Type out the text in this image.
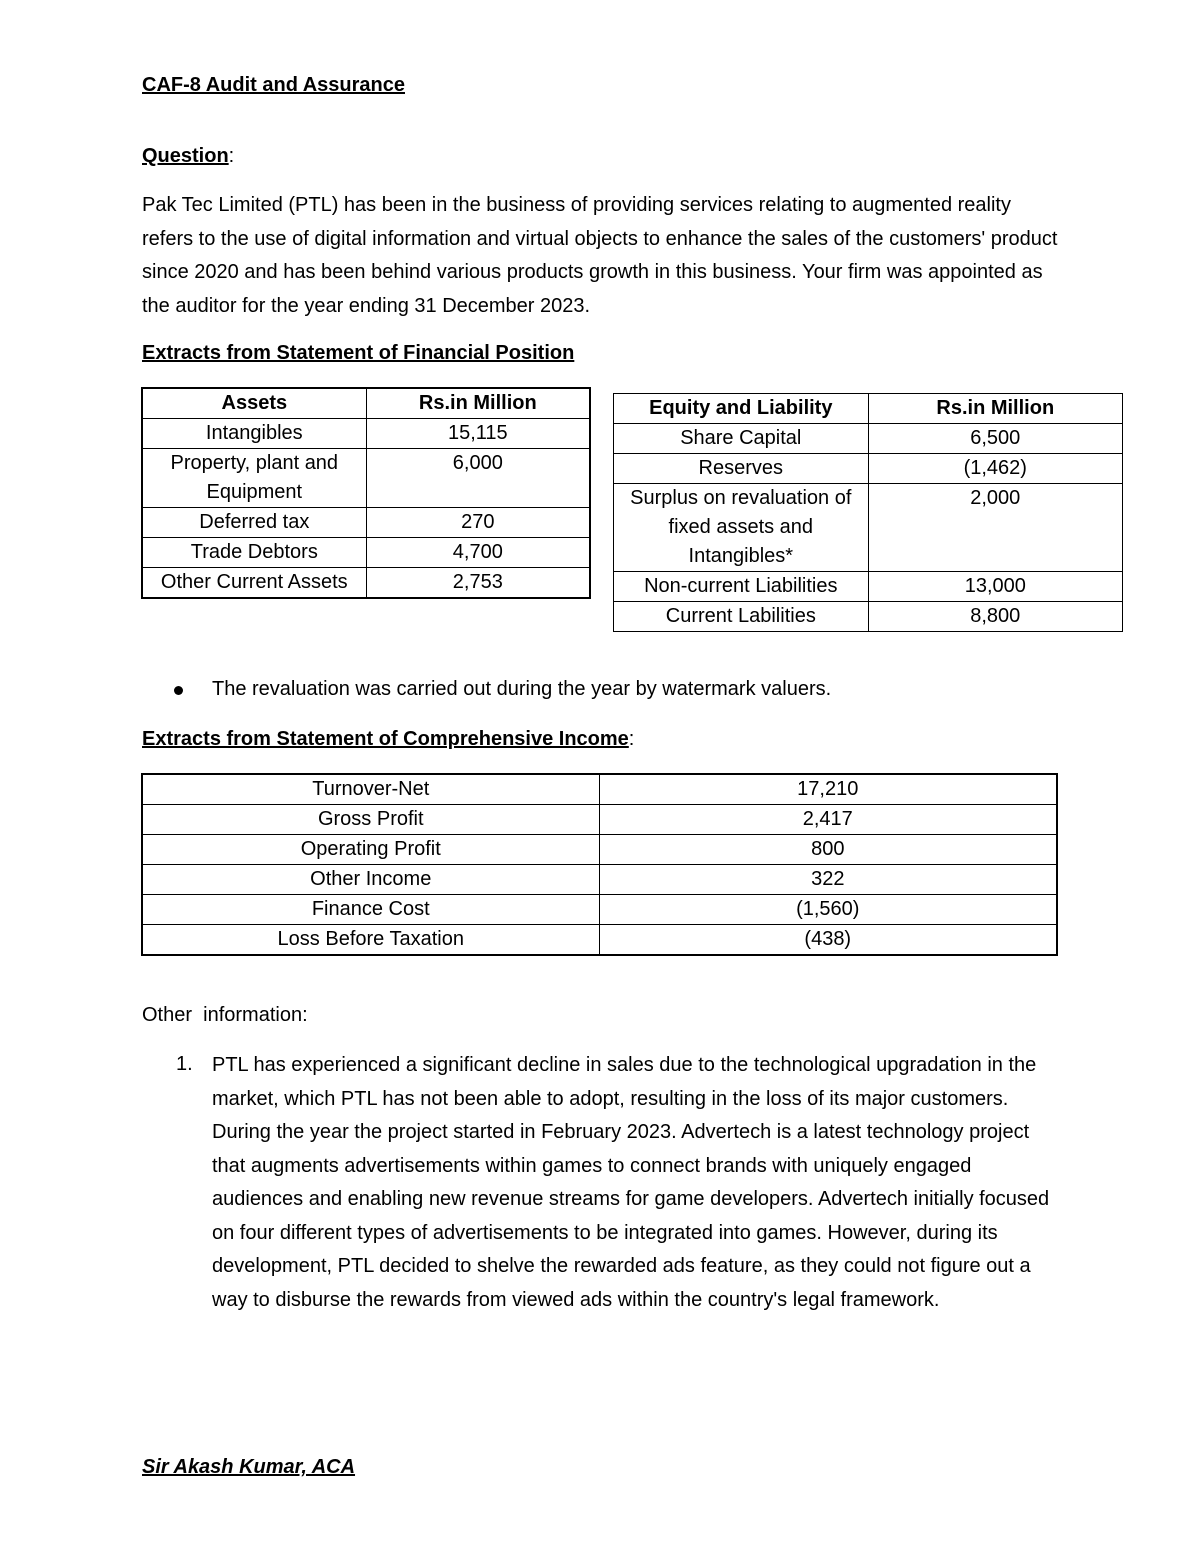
CAF-8 Audit and Assurance
Question:
Pak Tec Limited (PTL) has been in the business of providing services relating to augmented reality refers to the use of digital information and virtual objects to enhance the sales of the customers' product since 2020 and has been behind various products growth in this business. Your firm was appointed as the auditor for the year ending 31 December 2023.
Extracts from Statement of Financial Position
Assets	Rs.in Million
Intangibles	15,115
Property, plant and Equipment	6,000
Deferred tax	270
Trade Debtors	4,700
Other Current Assets	2,753
Equity and Liability	Rs.in Million
Share Capital	6,500
Reserves	(1,462)
Surplus on revaluation of fixed assets and Intangibles*	2,000
Non-current Liabilities	13,000
Current Labilities	8,800
The revaluation was carried out during the year by watermark valuers.
Extracts from Statement of Comprehensive Income:
Turnover-Net	17,210
Gross Profit	2,417
Operating Profit	800
Other Income	322
Finance Cost	(1,560)
Loss Before Taxation	(438)
Other  information:
1. PTL has experienced a significant decline in sales due to the technological upgradation in the market, which PTL has not been able to adopt, resulting in the loss of its major customers. During the year the project started in February 2023. Advertech is a latest technology project that augments advertisements within games to connect brands with uniquely engaged audiences and enabling new revenue streams for game developers. Advertech initially focused on four different types of advertisements to be integrated into games. However, during its development, PTL decided to shelve the rewarded ads feature, as they could not figure out a way to disburse the rewards from viewed ads within the country's legal framework.
Sir Akash Kumar, ACA
